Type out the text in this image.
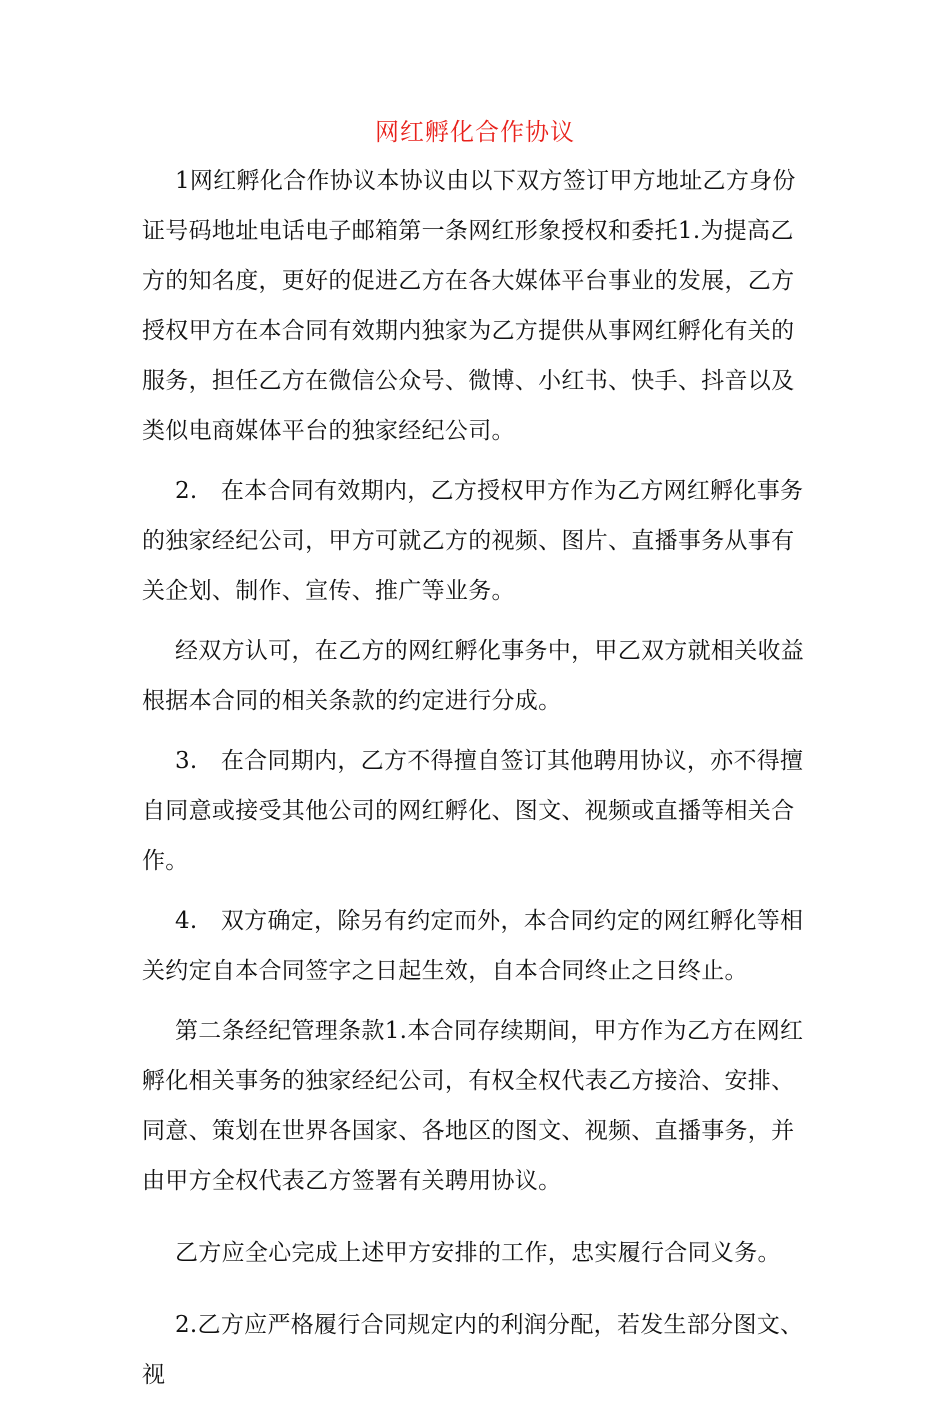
网红孵化合作协议

1网红孵化合作协议本协议由以下双方签订甲方地址乙方身份证号码地址电话电子邮箱第一条网红形象授权和委托1.为提高乙方的知名度，更好的促进乙方在各大媒体平台事业的发展，乙方授权甲方在本合同有效期内独家为乙方提供从事网红孵化有关的服务，担任乙方在微信公众号、微博、小红书、快手、抖音以及类似电商媒体平台的独家经纪公司。

2.　在本合同有效期内，乙方授权甲方作为乙方网红孵化事务的独家经纪公司，甲方可就乙方的视频、图片、直播事务从事有关企划、制作、宣传、推广等业务。

经双方认可，在乙方的网红孵化事务中，甲乙双方就相关收益根据本合同的相关条款的约定进行分成。

3.　在合同期内，乙方不得擅自签订其他聘用协议，亦不得擅自同意或接受其他公司的网红孵化、图文、视频或直播等相关合作。

4.　双方确定，除另有约定而外，本合同约定的网红孵化等相关约定自本合同签字之日起生效，自本合同终止之日终止。

第二条经纪管理条款1.本合同存续期间，甲方作为乙方在网红孵化相关事务的独家经纪公司，有权全权代表乙方接洽、安排、同意、策划在世界各国家、各地区的图文、视频、直播事务，并由甲方全权代表乙方签署有关聘用协议。

乙方应全心完成上述甲方安排的工作，忠实履行合同义务。

2.乙方应严格履行合同规定内的利润分配，若发生部分图文、视
